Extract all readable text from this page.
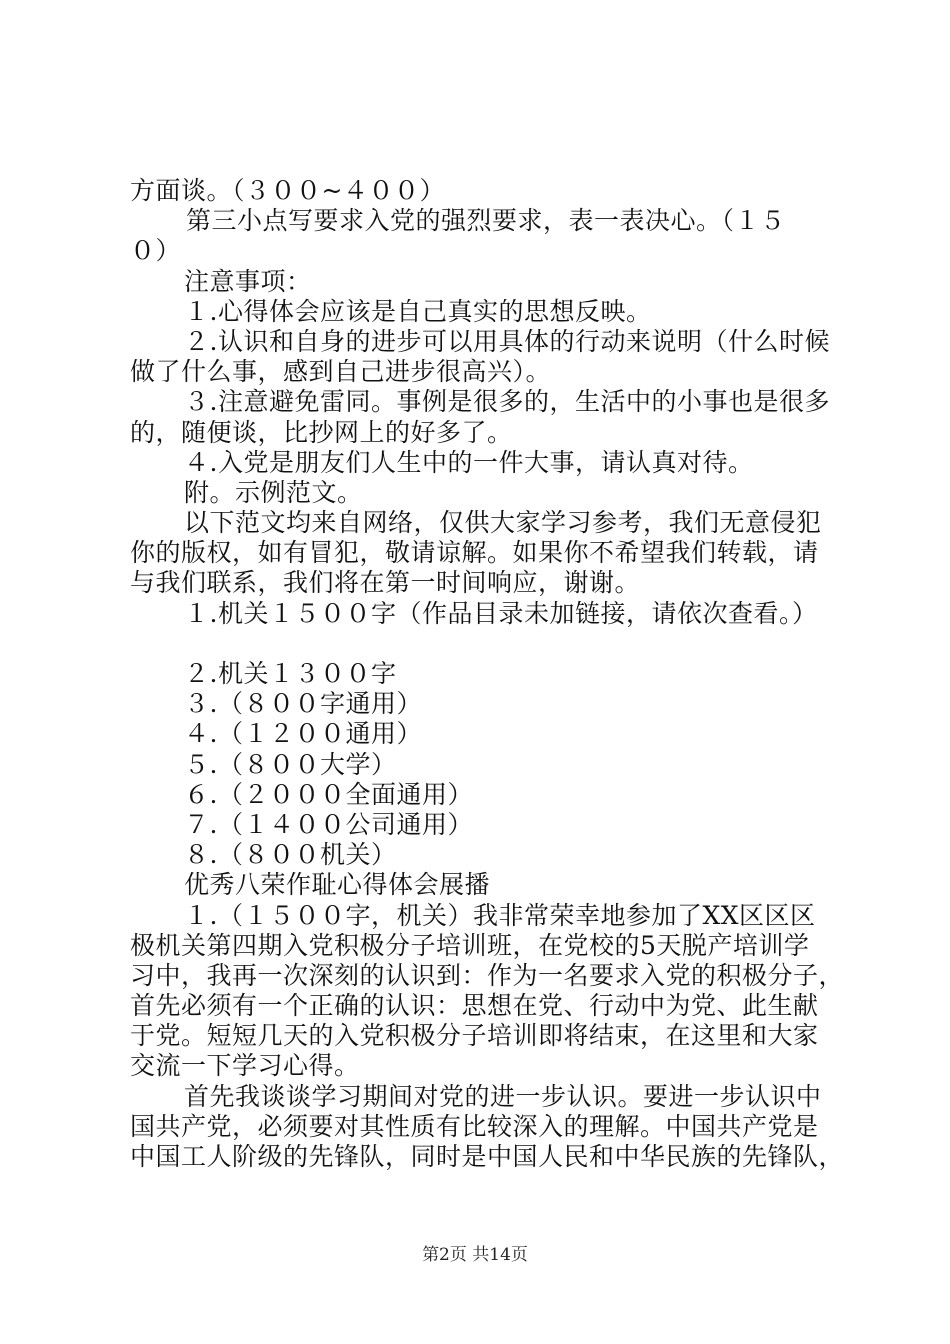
方面谈。（３００~４００）
第三小点写要求入党的强烈要求，表一表决心。（１５
０）
注意事项：
１.心得体会应该是自己真实的思想反映。
２.认识和自身的进步可以用具体的行动来说明（什么时候
做了什么事，感到自己进步很高兴）。
３.注意避免雷同。事例是很多的，生活中的小事也是很多
的，随便谈，比抄网上的好多了。
４.入党是朋友们人生中的一件大事，请认真对待。
附。示例范文。
以下范文均来自网络，仅供大家学习参考，我们无意侵犯
你的版权，如有冒犯，敬请谅解。如果你不希望我们转载，请
与我们联系，我们将在第一时间响应，谢谢。
１.机关１５００字（作品目录未加链接，请依次查看。）
２.机关１３００字
３.（８００字通用）
４.（１２００通用）
５.（８００大学）
６.（２０００全面通用）
７.（１４００公司通用）
８.（８００机关）
优秀八荣作耻心得体会展播
１.（１５００字，机关）我非常荣幸地参加了XX区区区
极机关第四期入党积极分子培训班，在党校的5天脱产培训学
习中，我再一次深刻的认识到：作为一名要求入党的积极分子，
首先必须有一个正确的认识：思想在党、行动中为党、此生献
于党。短短几天的入党积极分子培训即将结束，在这里和大家
交流一下学习心得。
首先我谈谈学习期间对党的进一步认识。要进一步认识中
国共产党，必须要对其性质有比较深入的理解。中国共产党是
中国工人阶级的先锋队，同时是中国人民和中华民族的先锋队，
第2页 共14页
